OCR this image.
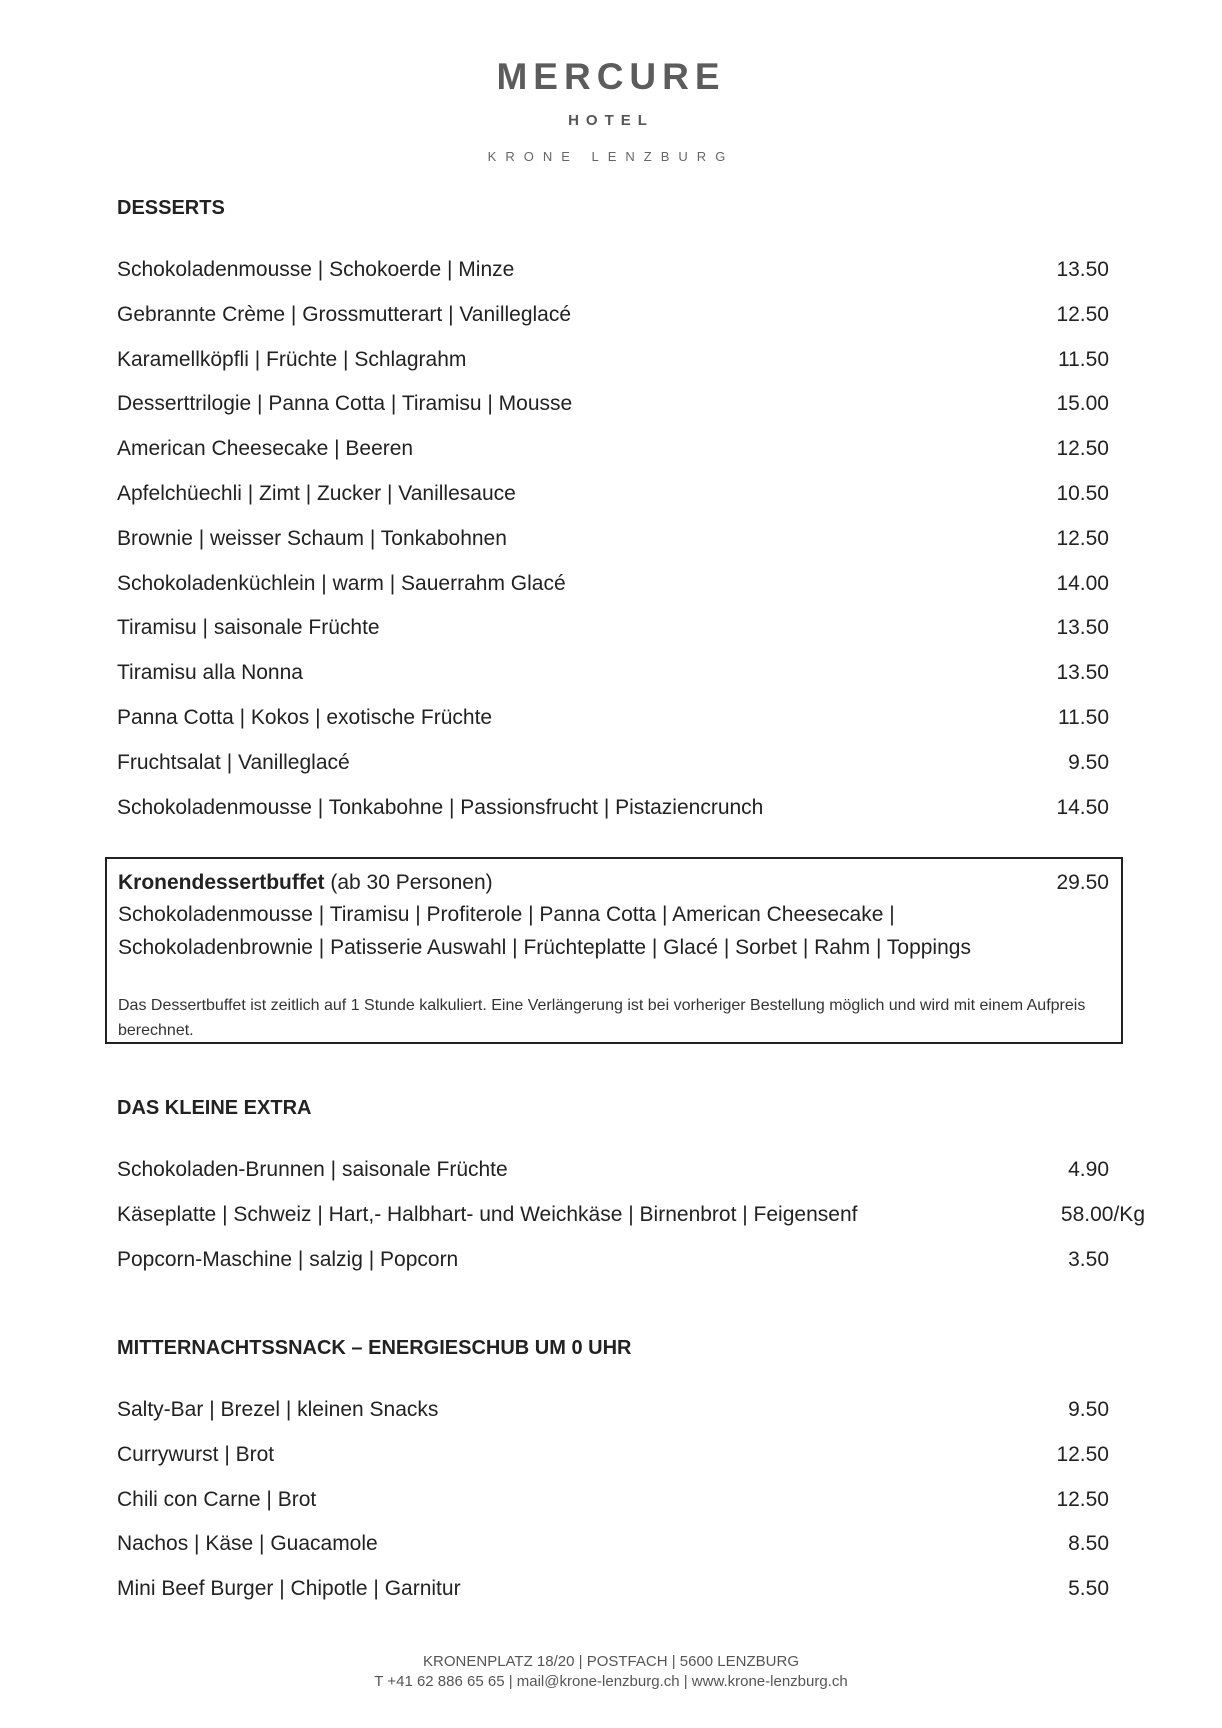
MERCURE
HOTEL
KRONE LENZBURG
DESSERTS
Schokoladenmousse | Schokoerde | Minze	13.50
Gebrannte Crème | Grossmutterart | Vanilleglacé	12.50
Karamellköpfli | Früchte | Schlagrahm	11.50
Desserttrilogie | Panna Cotta | Tiramisu | Mousse	15.00
American Cheesecake | Beeren	12.50
Apfelchüechli | Zimt | Zucker | Vanillesauce	10.50
Brownie | weisser Schaum | Tonkabohnen	12.50
Schokoladenküchlein | warm | Sauerrahm Glacé	14.00
Tiramisu | saisonale Früchte	13.50
Tiramisu alla Nonna	13.50
Panna Cotta | Kokos | exotische Früchte	11.50
Fruchtsalat | Vanilleglacé	9.50
Schokoladenmousse | Tonkabohne | Passionsfrucht | Pistaziencrunch	14.50
Kronendessertbuffet (ab 30 Personen)	29.50
Schokoladenmousse | Tiramisu | Profiterole | Panna Cotta | American Cheesecake |
Schokoladenbrownie | Patisserie Auswahl | Früchteplatte | Glacé | Sorbet | Rahm | Toppings
Das Dessertbuffet ist zeitlich auf 1 Stunde kalkuliert. Eine Verlängerung ist bei vorheriger Bestellung möglich und wird mit einem Aufpreis berechnet.
DAS KLEINE EXTRA
Schokoladen-Brunnen | saisonale Früchte	4.90
Käseplatte | Schweiz | Hart,- Halbhart- und Weichkäse | Birnenbrot | Feigensenf	58.00/Kg
Popcorn-Maschine | salzig | Popcorn	3.50
MITTERNACHTSSNACK – ENERGIESCHUB UM 0 UHR
Salty-Bar | Brezel | kleinen Snacks	9.50
Currywurst | Brot	12.50
Chili con Carne | Brot	12.50
Nachos | Käse | Guacamole	8.50
Mini Beef Burger | Chipotle | Garnitur	5.50
KRONENPLATZ 18/20 | POSTFACH | 5600 LENZBURG
T +41 62 886 65 65 | mail@krone-lenzburg.ch | www.krone-lenzburg.ch
